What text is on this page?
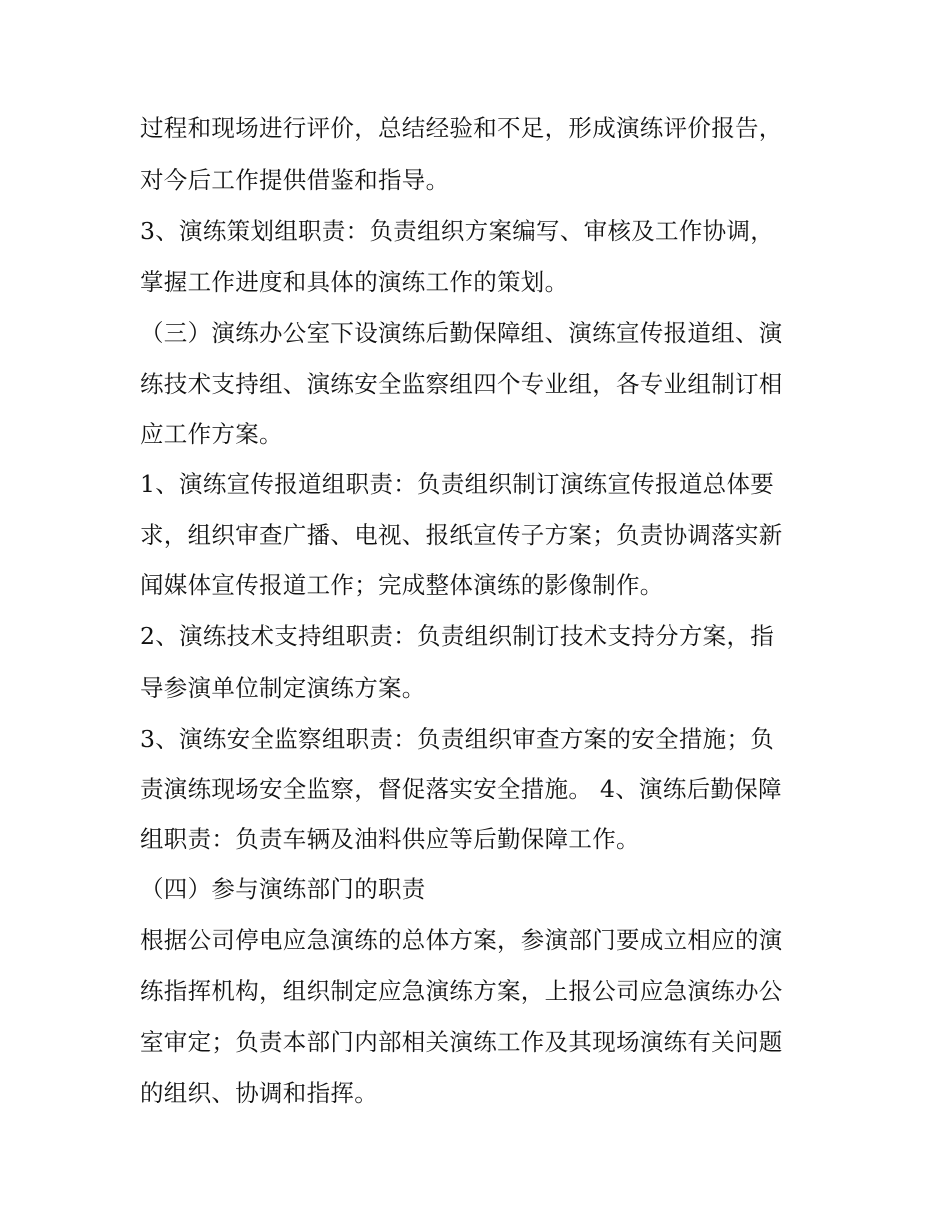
过程和现场进行评价，总结经验和不足，形成演练评价报告，

对今后工作提供借鉴和指导。

3、演练策划组职责：负责组织方案编写、审核及工作协调，

掌握工作进度和具体的演练工作的策划。

（三）演练办公室下设演练后勤保障组、演练宣传报道组、演

练技术支持组、演练安全监察组四个专业组，各专业组制订相

应工作方案。

1、演练宣传报道组职责：负责组织制订演练宣传报道总体要

求，组织审查广播、电视、报纸宣传子方案；负责协调落实新

闻媒体宣传报道工作；完成整体演练的影像制作。

2、演练技术支持组职责：负责组织制订技术支持分方案，指

导参演单位制定演练方案。

3、演练安全监察组职责：负责组织审查方案的安全措施；负

责演练现场安全监察，督促落实安全措施。 4、演练后勤保障

组职责：负责车辆及油料供应等后勤保障工作。

（四）参与演练部门的职责

根据公司停电应急演练的总体方案，参演部门要成立相应的演

练指挥机构，组织制定应急演练方案，上报公司应急演练办公

室审定；负责本部门内部相关演练工作及其现场演练有关问题

的组织、协调和指挥。
